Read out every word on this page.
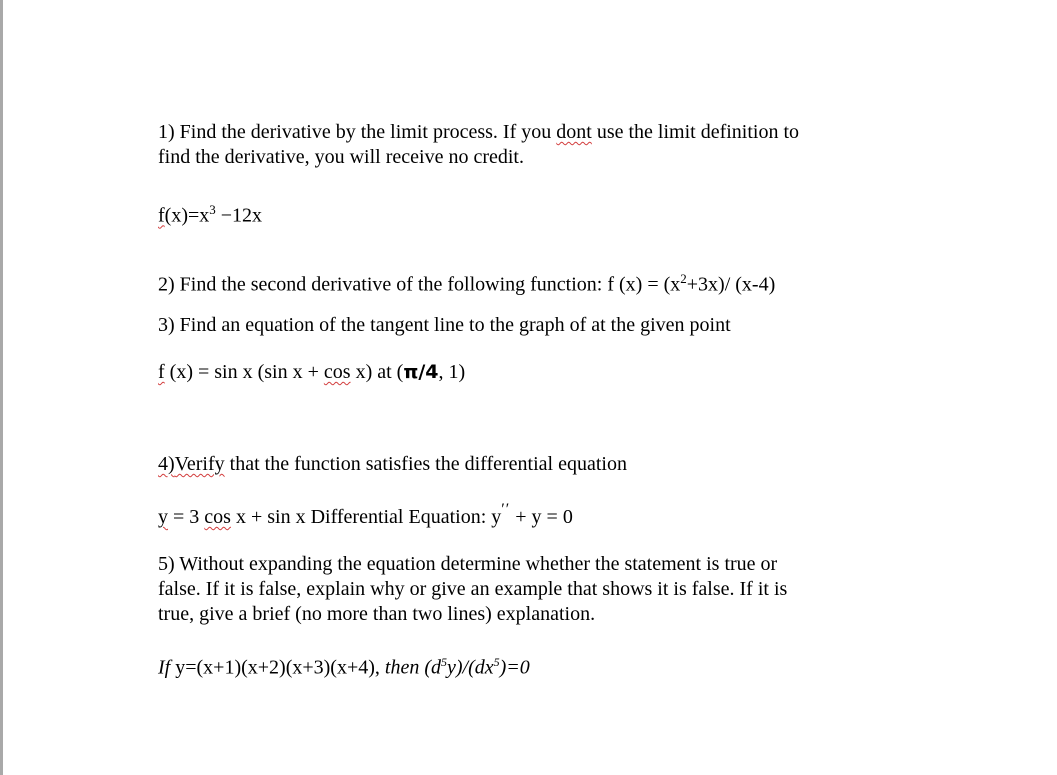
1) Find the derivative by the limit process. If you dont use the limit definition to
find the derivative, you will receive no credit.
$f(x)=x^3 -12x$
2) Find the second derivative of the following function: f $(x) = (x^2+3x)/$ (x-4)
3) Find an equation of the tangent line to the graph of at the given point
f (x) = sin x (sin x + cos x) at (π/4, 1)
4)Verify that the function satisfies the differential equation
y = 3 cos x + sin x Differential Equation: y′′ + y = 0
5) Without expanding the equation determine whether the statement is true or
false. If it is false, explain why or give an example that shows it is false. If it is
true, give a brief (no more than two lines) explanation.
If y=(x+1)(x+2)(x+3)(x+4), then $(d^5y)/(dx^5)=0$
